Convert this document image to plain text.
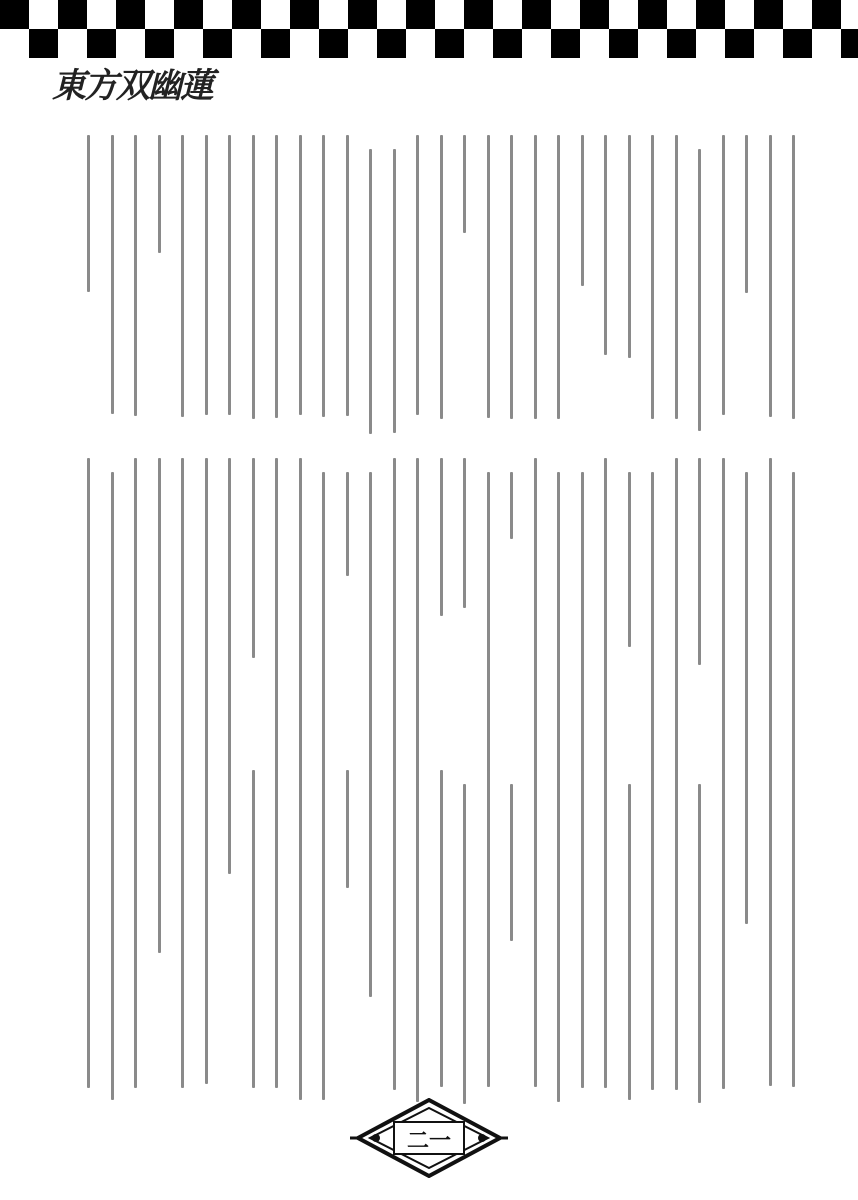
東方双幽蓮
二一
